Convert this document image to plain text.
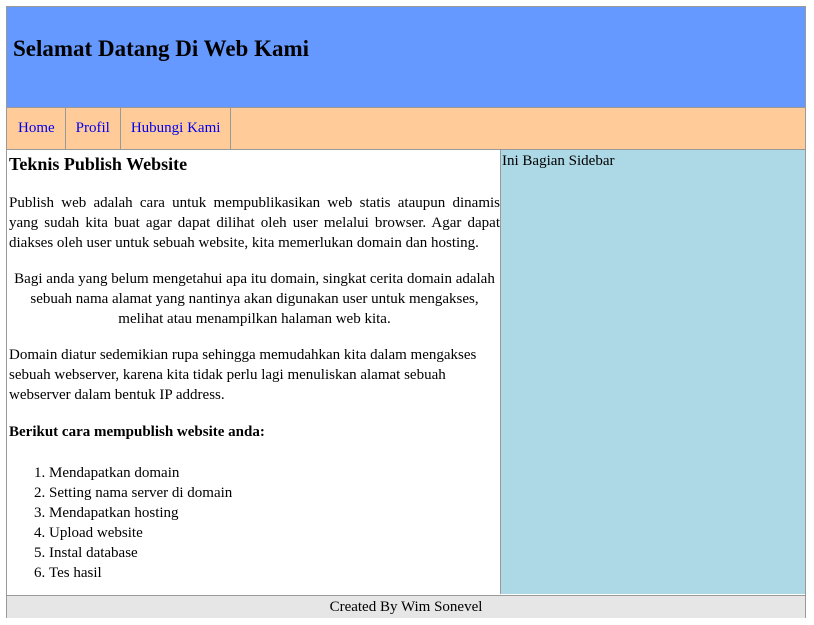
Selamat Datang Di Web Kami
Home	Profil	Hubungi Kami
Teknis Publish Website

Publish web adalah cara untuk mempublikasikan web statis ataupun dinamis yang sudah kita buat agar dapat dilihat oleh user melalui browser. Agar dapat diakses oleh user untuk sebuah website, kita memerlukan domain dan hosting.

Bagi anda yang belum mengetahui apa itu domain, singkat cerita domain adalah sebuah nama alamat yang nantinya akan digunakan user untuk mengakses, melihat atau menampilkan halaman web kita.

Domain diatur sedemikian rupa sehingga memudahkan kita dalam mengakses sebuah webserver, karena kita tidak perlu lagi menuliskan alamat sebuah webserver dalam bentuk IP address.

Berikut cara mempublish website anda:

1. Mendapatkan domain
2. Setting nama server di domain
3. Mendapatkan hosting
4. Upload website
5. Instal database
6. Tes hasil
Ini Bagian Sidebar
Created By Wim Sonevel
